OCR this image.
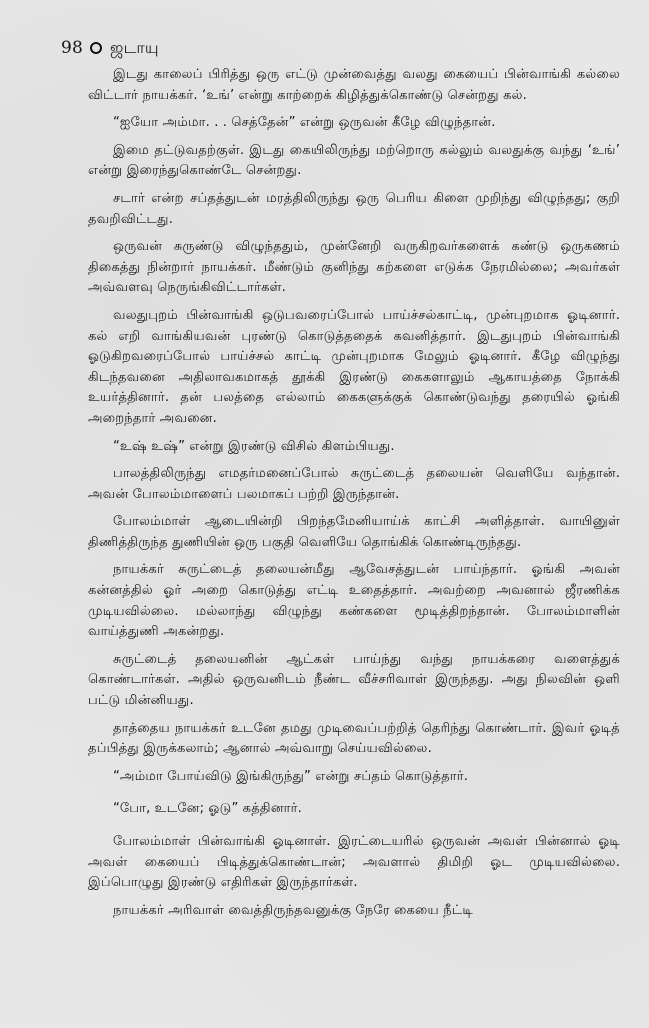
98 ஜடாயு

இடது காலைப் பிரித்து ஒரு எட்டு முன்வைத்து வலது கையைப் பின்வாங்கி கல்லை விட்டார் நாயக்கர். ‘உங்’ என்று காற்றைக் கிழித்துக்கொண்டு சென்றது கல்.

“ஐயோ அம்மா. . . செத்தேன்” என்று ஒருவன் கீழே விழுந்தான்.

இமை தட்டுவதற்குள். இடது கையிலிருந்து மற்றொரு கல்லும் வலதுக்கு வந்து ‘உங்’ என்று இரைந்துகொண்டே சென்றது.

சடார் என்ற சப்தத்துடன் மரத்திலிருந்து ஒரு பெரிய கிளை முறிந்து விழுந்தது; குறி தவறிவிட்டது.

ஒருவன் சுருண்டு விழுந்ததும், முன்னேறி வருகிறவர்களைக் கண்டு ஒருகணம் திகைத்து நின்றார் நாயக்கர். மீண்டும் குனிந்து கற்களை எடுக்க நேரமில்லை; அவர்கள் அவ்வளவு நெருங்கிவிட்டார்கள்.

வலதுபுறம் பின்வாங்கி ஒடுபவரைப்போல் பாய்ச்சல்காட்டி, முன்புறமாக ஓடினார். கல் எறி வாங்கியவன் புரண்டு கொடுத்ததைக் கவனித்தார். இடதுபுறம் பின்வாங்கி ஓடுகிறவரைப்போல் பாய்ச்சல் காட்டி முன்புறமாக மேலும் ஓடினார். கீழே விழுந்து கிடந்தவனை அதிலாவகமாகத் தூக்கி இரண்டு கைகளாலும் ஆகாயத்தை நோக்கி உயர்த்தினார். தன் பலத்தை எல்லாம் கைகளுக்குக் கொண்டுவந்து தரையில் ஓங்கி அறைந்தார் அவனை.

“உஷ் உஷ்” என்று இரண்டு விசில் கிளம்பியது.

பாலத்திலிருந்து எமதர்மனைப்போல் சுருட்டைத் தலையன் வெளியே வந்தான். அவன் போலம்மாளைப் பலமாகப் பற்றி இருந்தான்.

போலம்மாள் ஆடையின்றி பிறந்தமேனியாய்க் காட்சி அளித்தாள். வாயினுள் திணித்திருந்த துணியின் ஒரு பகுதி வெளியே தொங்கிக் கொண்டிருந்தது.

நாயக்கர் சுருட்டைத் தலையன்மீது ஆவேசத்துடன் பாய்ந்தார். ஓங்கி அவன் கன்னத்தில் ஓர் அறை கொடுத்து எட்டி உதைத்தார். அவற்றை அவனால் ஜீரணிக்க முடியவில்லை. மல்லாந்து விழுந்து கண்களை மூடித்திறந்தான். போலம்மாளின் வாய்த்துணி அகன்றது.

சுருட்டைத் தலையனின் ஆட்கள் பாய்ந்து வந்து நாயக்கரை வளைத்துக் கொண்டார்கள். அதில் ஒருவனிடம் நீண்ட வீச்சரிவாள் இருந்தது. அது நிலவின் ஒளி பட்டு மின்னியது.

தாத்தைய நாயக்கர் உடனே தமது முடிவைப்பற்றித் தெரிந்து கொண்டார். இவர் ஓடித் தப்பித்து இருக்கலாம்; ஆனால் அவ்வாறு செய்யவில்லை.

“அம்மா போய்விடு இங்கிருந்து” என்று சப்தம் கொடுத்தார்.

“போ, உடனே; ஓடு” கத்தினார்.

போலம்மாள் பின்வாங்கி ஓடினாள். இரட்டையரில் ஒருவன் அவள் பின்னால் ஓடி அவள் கையைப் பிடித்துக்கொண்டான்; அவளால் திமிறி ஓட முடியவில்லை. இப்பொழுது இரண்டு எதிரிகள் இருந்தார்கள்.

நாயக்கர் அரிவாள் வைத்திருந்தவனுக்கு நேரே கையை நீட்டி
